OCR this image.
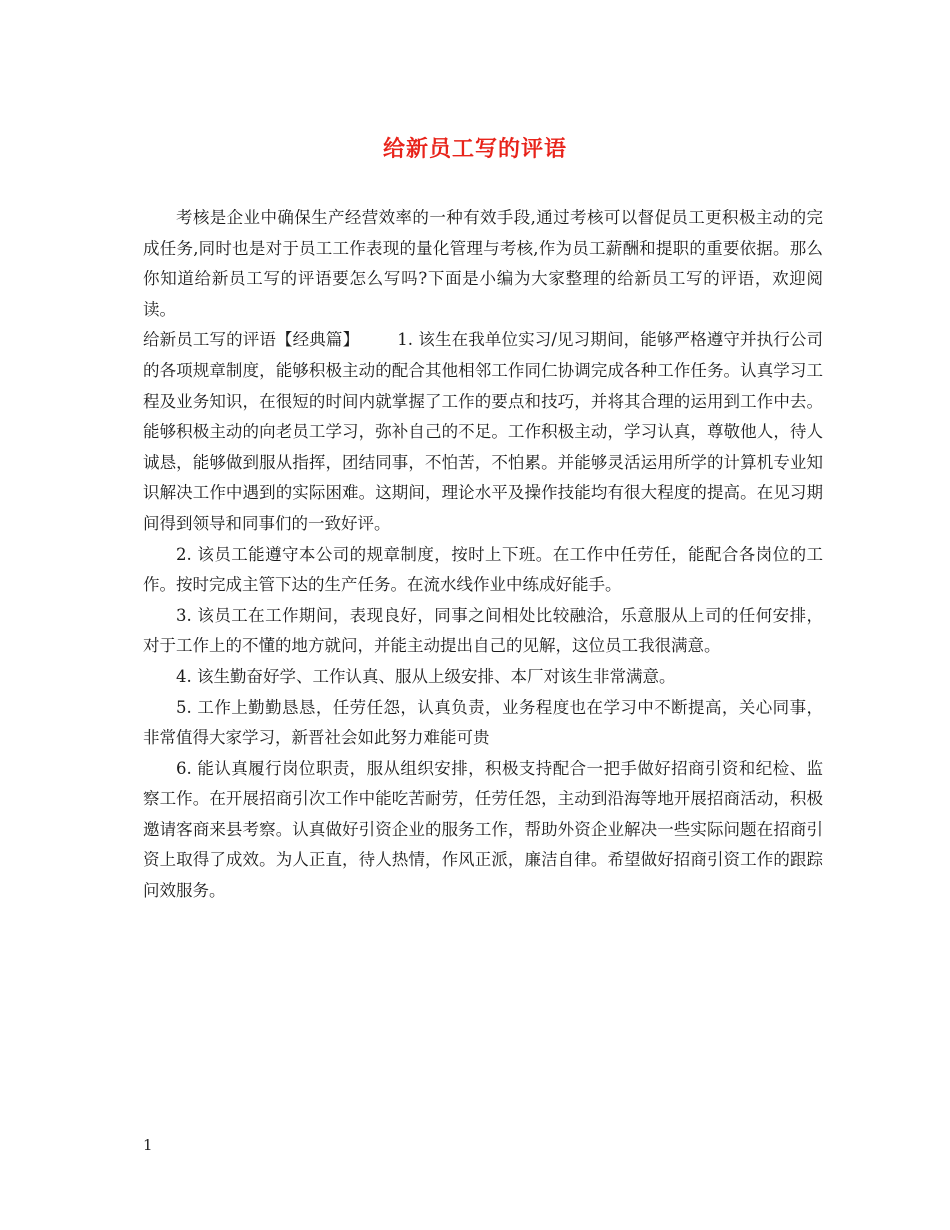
给新员工写的评语

考核是企业中确保生产经营效率的一种有效手段,通过考核可以督促员工更积极主动的完成任务,同时也是对于员工工作表现的量化管理与考核,作为员工薪酬和提职的重要依据。那么你知道给新员工写的评语要怎么写吗?下面是小编为大家整理的给新员工写的评语，欢迎阅读。

给新员工写的评语【经典篇】 1. 该生在我单位实习/见习期间，能够严格遵守并执行公司的各项规章制度，能够积极主动的配合其他相邻工作同仁协调完成各种工作任务。认真学习工程及业务知识，在很短的时间内就掌握了工作的要点和技巧，并将其合理的运用到工作中去。能够积极主动的向老员工学习，弥补自己的不足。工作积极主动，学习认真，尊敬他人，待人诚恳，能够做到服从指挥，团结同事，不怕苦，不怕累。并能够灵活运用所学的计算机专业知识解决工作中遇到的实际困难。这期间，理论水平及操作技能均有很大程度的提高。在见习期间得到领导和同事们的一致好评。

2. 该员工能遵守本公司的规章制度，按时上下班。在工作中任劳任，能配合各岗位的工作。按时完成主管下达的生产任务。在流水线作业中练成好能手。

3. 该员工在工作期间，表现良好，同事之间相处比较融洽，乐意服从上司的任何安排，对于工作上的不懂的地方就问，并能主动提出自己的见解，这位员工我很满意。

4. 该生勤奋好学、工作认真、服从上级安排、本厂对该生非常满意。

5. 工作上勤勤恳恳，任劳任怨，认真负责，业务程度也在学习中不断提高，关心同事，非常值得大家学习，新晋社会如此努力难能可贵

6. 能认真履行岗位职责，服从组织安排，积极支持配合一把手做好招商引资和纪检、监察工作。在开展招商引次工作中能吃苦耐劳，任劳任怨，主动到沿海等地开展招商活动，积极邀请客商来县考察。认真做好引资企业的服务工作，帮助外资企业解决一些实际问题在招商引资上取得了成效。为人正直，待人热情，作风正派，廉洁自律。希望做好招商引资工作的跟踪问效服务。

1
